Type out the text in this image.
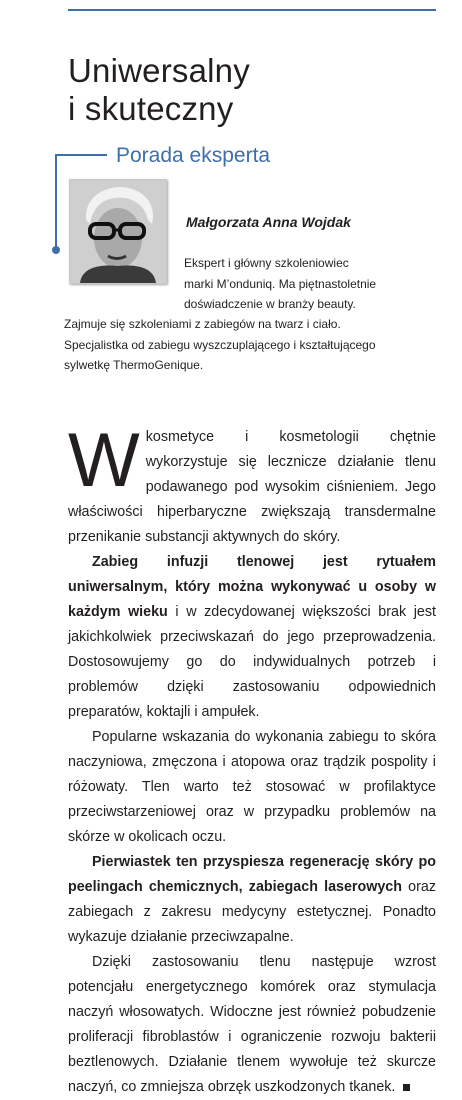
Uniwersalny
i skuteczny
Porada eksperta
Małgorzata Anna Wojdak
Ekspert i główny szkoleniowiec
marki M’onduniq. Ma piętnastoletnie
doświadczenie w branży beauty.
Zajmuje się szkoleniami z zabiegów na twarz i ciało.
Specjalistka od zabiegu wyszczuplającego i kształtującego
sylwetkę ThermoGenique.

W kosmetyce i kosmetologii chętnie wykorzystuje się lecznicze działanie tlenu podawanego pod wysokim ciśnieniem. Jego właściwości hiperbaryczne zwiększają transdermalne przenikanie substancji aktywnych do skóry.

Zabieg infuzji tlenowej jest rytuałem uniwersalnym, który można wykonywać u osoby w każdym wieku i w zdecydowanej większości brak jest jakichkolwiek przeciwskazań do jego przeprowadzenia. Dostosowujemy go do indywidualnych potrzeb i problemów dzięki zastosowaniu odpowiednich preparatów, koktajli i ampułek.

Popularne wskazania do wykonania zabiegu to skóra naczyniowa, zmęczona i atopowa oraz trądzik pospolity i różowaty. Tlen warto też stosować w profilaktyce przeciwstarzeniowej oraz w przypadku problemów na skórze w okolicach oczu.

Pierwiastek ten przyspiesza regenerację skóry po peelingach chemicznych, zabiegach laserowych oraz zabiegach z zakresu medycyny estetycznej. Ponadto wykazuje działanie przeciwzapalne.

Dzięki zastosowaniu tlenu następuje wzrost potencjału energetycznego komórek oraz stymulacja naczyń włosowatych. Widoczne jest również pobudzenie proliferacji fibroblastów i ograniczenie rozwoju bakterii beztlenowych. Działanie tlenem wywołuje też skurcze naczyń, co zmniejsza obrzęk uszkodzonych tkanek.
